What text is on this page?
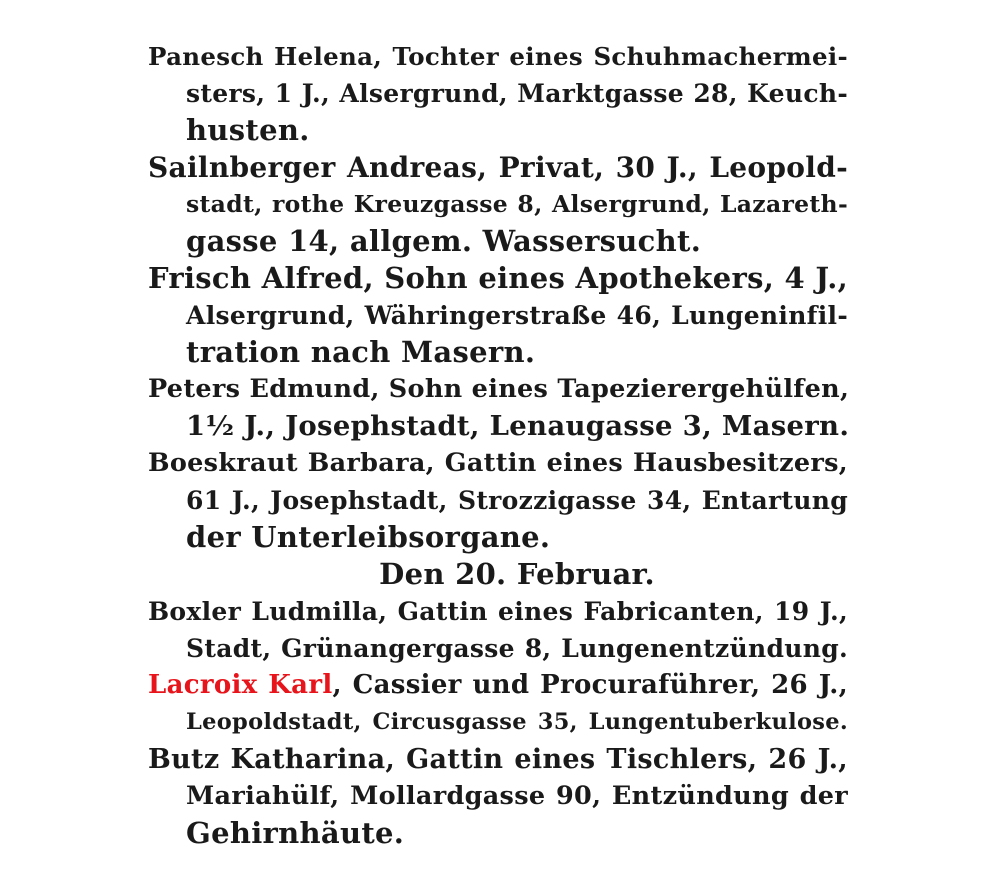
Panesch Helena, Tochter eines Schuhmachermei-
sters, 1 J., Alsergrund, Marktgasse 28, Keuch-
husten.
Sailnberger Andreas, Privat, 30 J., Leopold-
stadt, rothe Kreuzgasse 8, Alsergrund, Lazareth-
gasse 14, allgem. Wassersucht.
Frisch Alfred, Sohn eines Apothekers, 4 J.,
Alsergrund, Währingerstraße 46, Lungeninfil-
tration nach Masern.
Peters Edmund, Sohn eines Tapezierergehülfen,
1½ J., Josephstadt, Lenaugasse 3, Masern.
Boeskraut Barbara, Gattin eines Hausbesitzers,
61 J., Josephstadt, Strozzigasse 34, Entartung
der Unterleibsorgane.
Den 20. Februar.
Boxler Ludmilla, Gattin eines Fabricanten, 19 J.,
Stadt, Grünangergasse 8, Lungenentzündung.
Lacroix Karl, Cassier und Procuraführer, 26 J.,
Leopoldstadt, Circusgasse 35, Lungentuberkulose.
Butz Katharina, Gattin eines Tischlers, 26 J.,
Mariahülf, Mollardgasse 90, Entzündung der
Gehirnhäute.
